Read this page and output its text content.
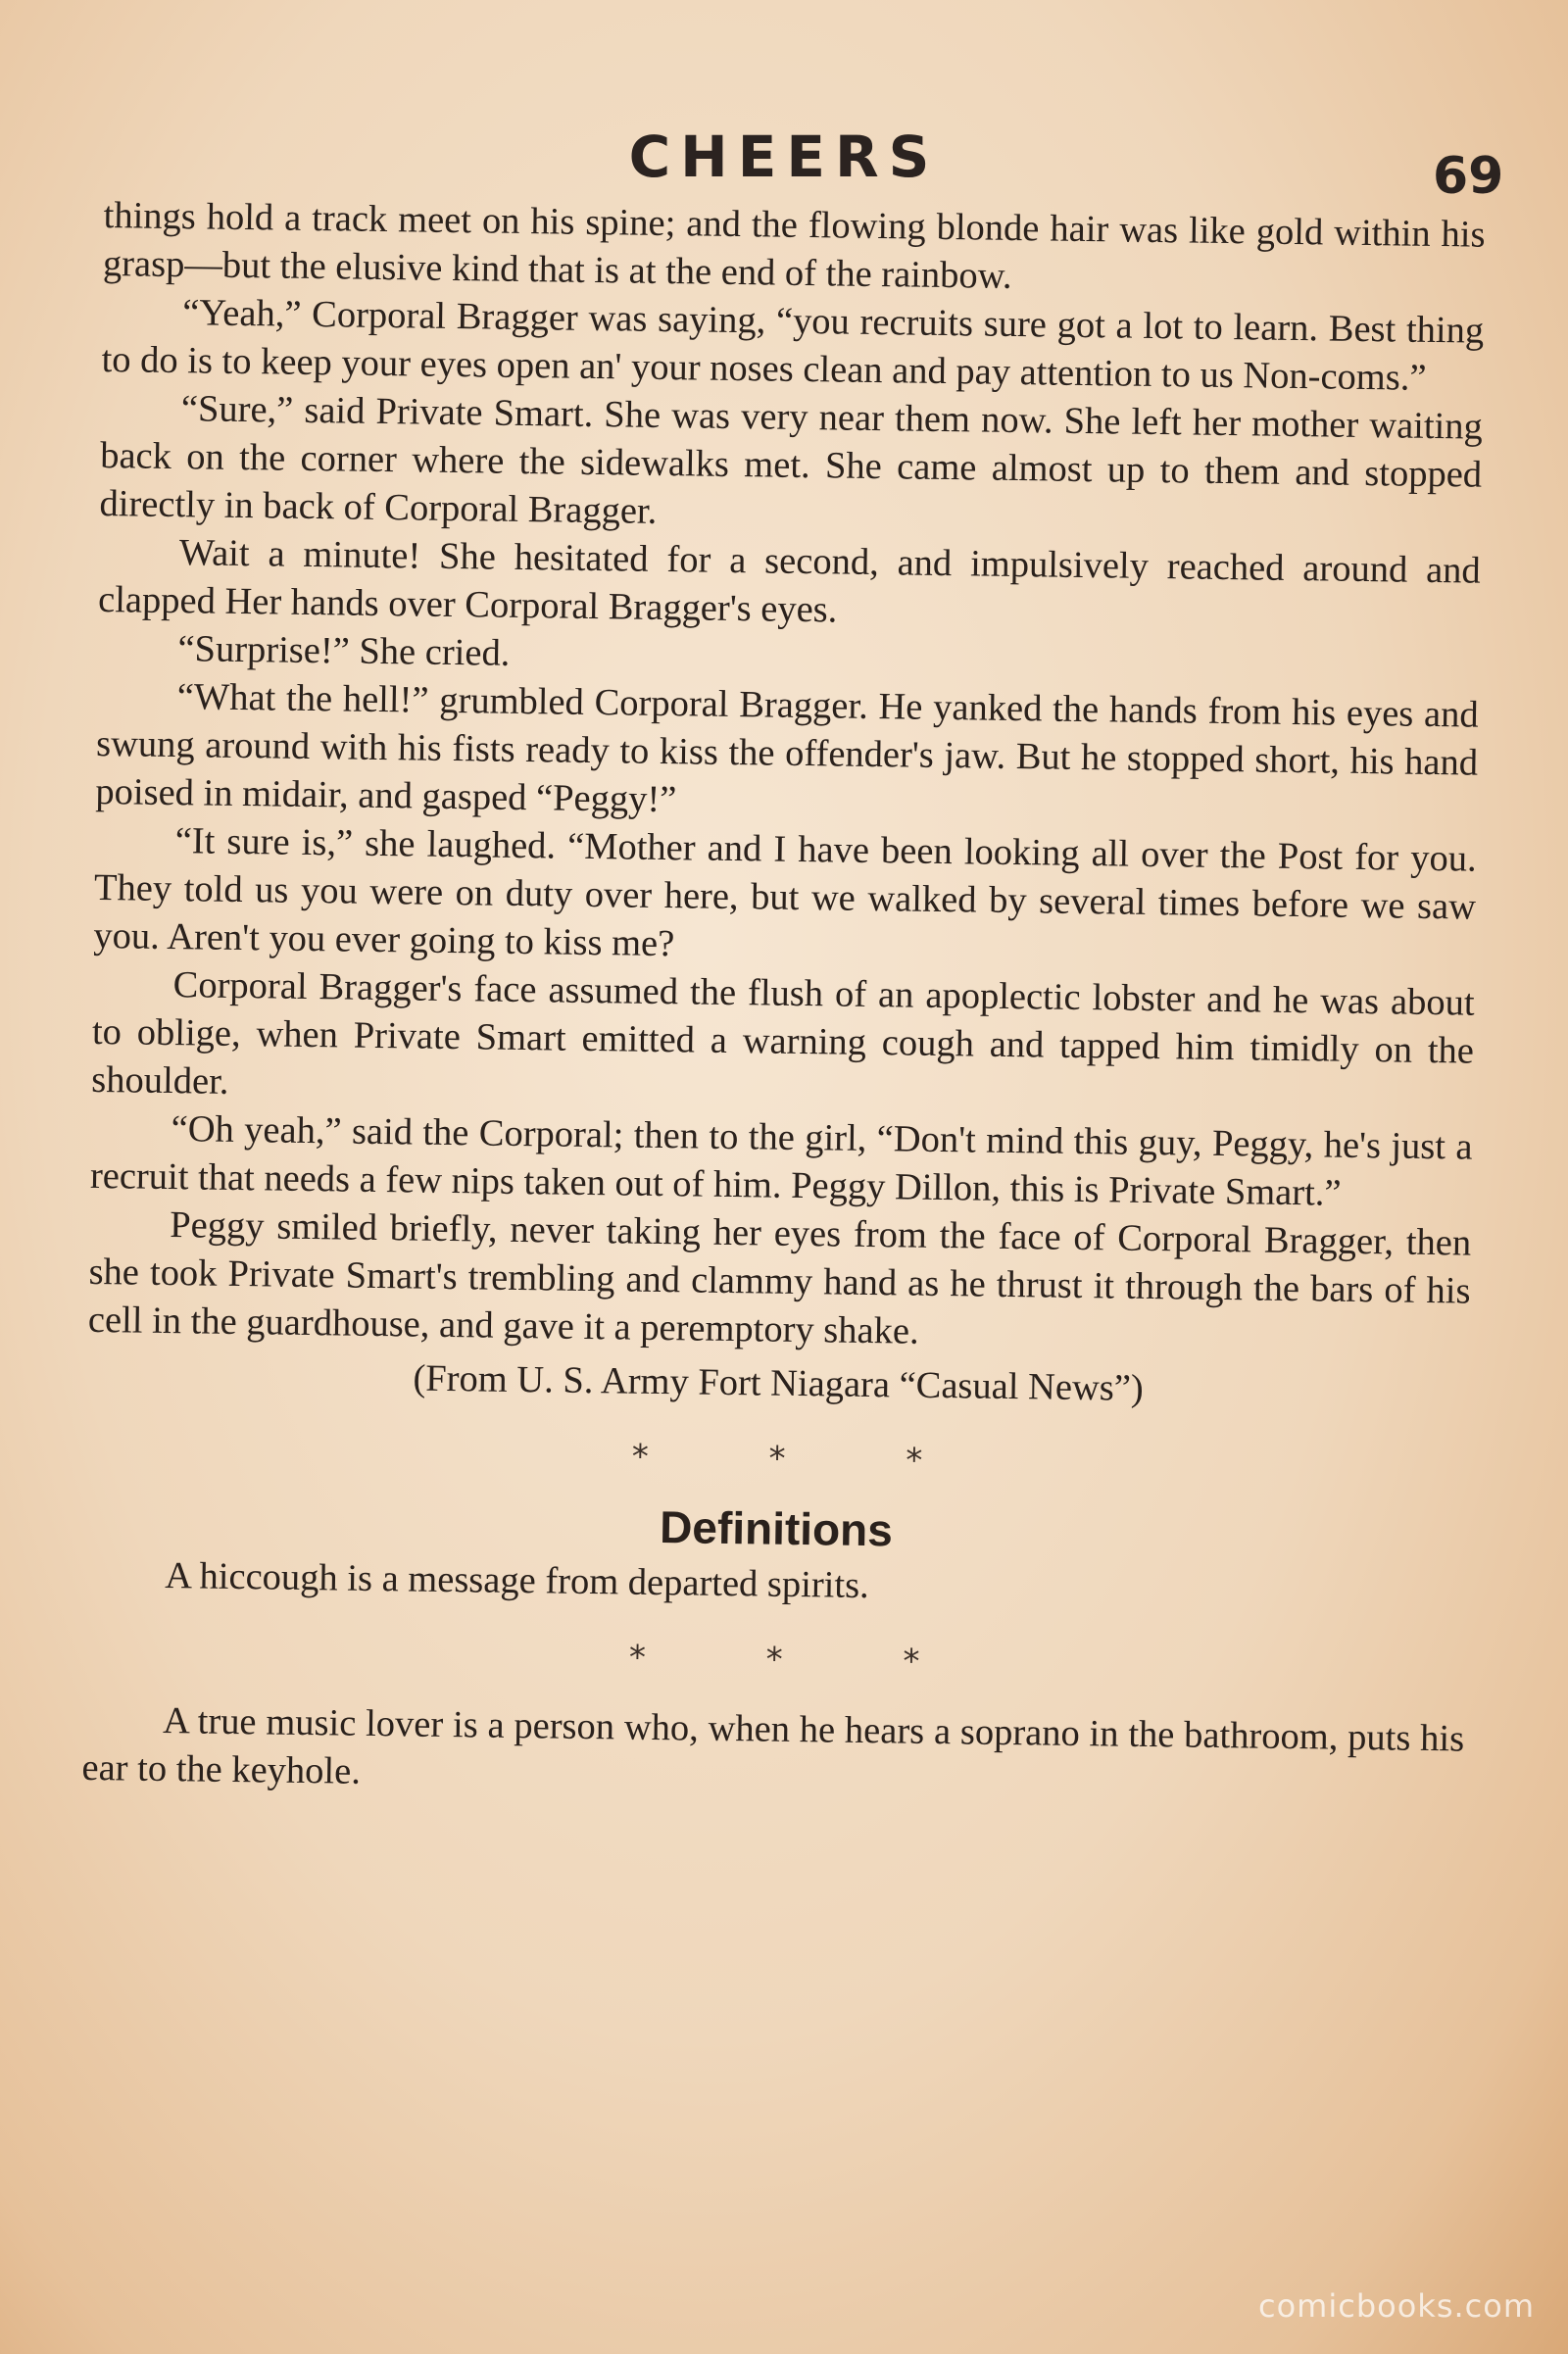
CHEERS	69

things hold a track meet on his spine; and the flowing blonde hair was like gold within his grasp—but the elusive kind that is at the end of the rainbow.

“Yeah,” Corporal Bragger was saying, “you recruits sure got a lot to learn. Best thing to do is to keep your eyes open an' your noses clean and pay attention to us Non-coms.”

“Sure,” said Private Smart. She was very near them now. She left her mother waiting back on the corner where the sidewalks met. She came almost up to them and stopped directly in back of Corporal Bragger.

Wait a minute! She hesitated for a second, and impulsively reached around and clapped Her hands over Corporal Bragger's eyes.

“Surprise!” She cried.

“What the hell!” grumbled Corporal Bragger. He yanked the hands from his eyes and swung around with his fists ready to kiss the offender's jaw. But he stopped short, his hand poised in midair, and gasped “Peggy!”

“It sure is,” she laughed. “Mother and I have been looking all over the Post for you. They told us you were on duty over here, but we walked by several times before we saw you. Aren't you ever going to kiss me?

Corporal Bragger's face assumed the flush of an apoplectic lobster and he was about to oblige, when Private Smart emitted a warning cough and tapped him timidly on the shoulder.

“Oh yeah,” said the Corporal; then to the girl, “Don't mind this guy, Peggy, he's just a recruit that needs a few nips taken out of him. Peggy Dillon, this is Private Smart.”

Peggy smiled briefly, never taking her eyes from the face of Corporal Bragger, then she took Private Smart's trembling and clammy hand as he thrust it through the bars of his cell in the guardhouse, and gave it a peremptory shake.

(From U. S. Army Fort Niagara “Casual News”)

* * *
Definitions

A hiccough is a message from departed spirits.

* * *

A true music lover is a person who, when he hears a soprano in the bathroom, puts his ear to the keyhole.

comicbooks.com
